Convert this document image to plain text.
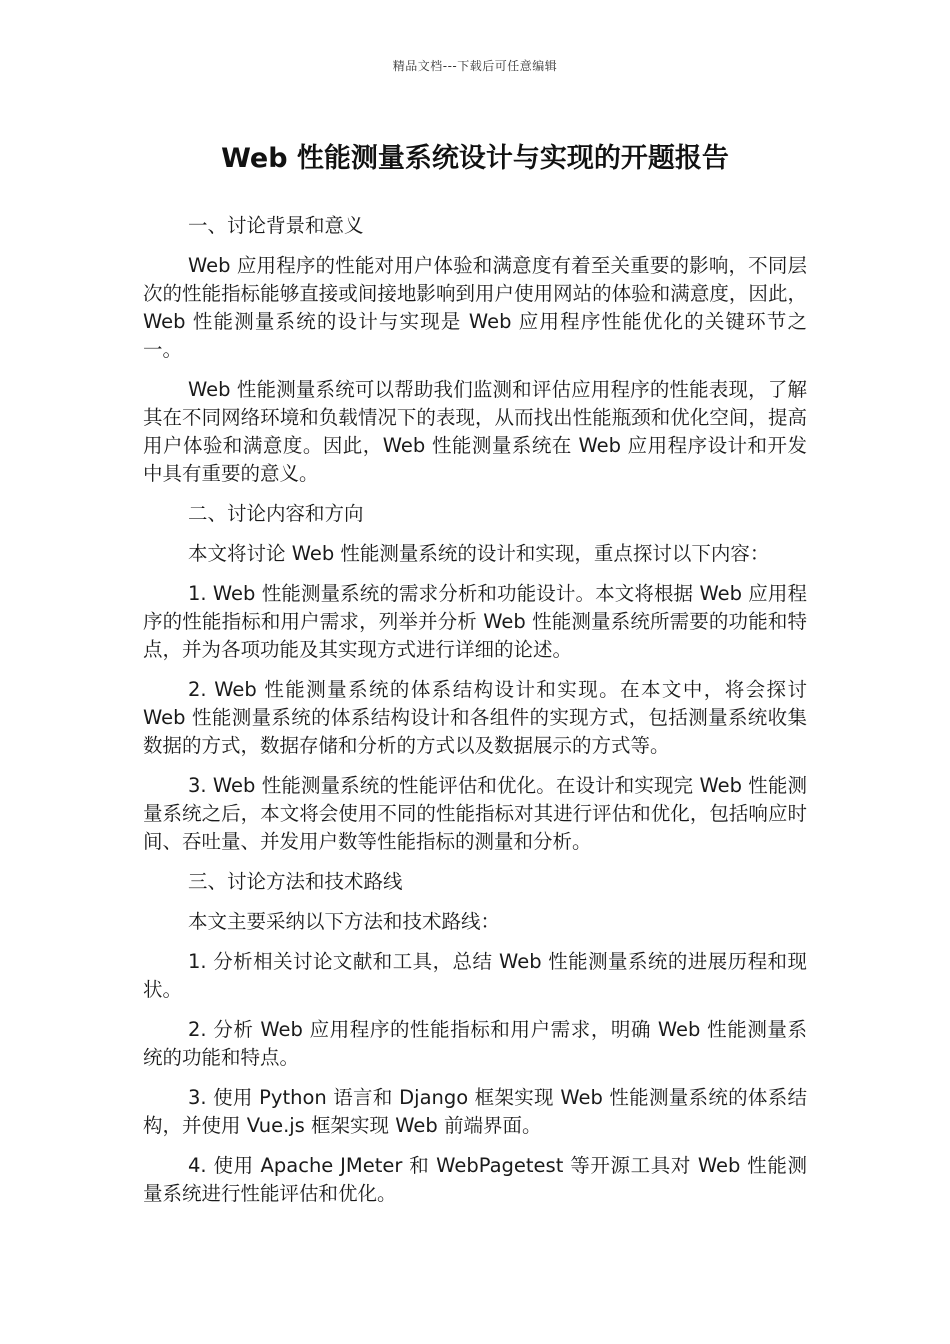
精品文档---下载后可任意编辑
Web 性能测量系统设计与实现的开题报告

一、讨论背景和意义

Web 应用程序的性能对用户体验和满意度有着至关重要的影响，不同层次的性能指标能够直接或间接地影响到用户使用网站的体验和满意度，因此，Web 性能测量系统的设计与实现是 Web 应用程序性能优化的关键环节之一。

Web 性能测量系统可以帮助我们监测和评估应用程序的性能表现，了解其在不同网络环境和负载情况下的表现，从而找出性能瓶颈和优化空间，提高用户体验和满意度。因此，Web 性能测量系统在 Web 应用程序设计和开发中具有重要的意义。

二、讨论内容和方向

本文将讨论 Web 性能测量系统的设计和实现，重点探讨以下内容：

1. Web 性能测量系统的需求分析和功能设计。本文将根据 Web 应用程序的性能指标和用户需求，列举并分析 Web 性能测量系统所需要的功能和特点，并为各项功能及其实现方式进行详细的论述。

2. Web 性能测量系统的体系结构设计和实现。在本文中，将会探讨 Web 性能测量系统的体系结构设计和各组件的实现方式，包括测量系统收集数据的方式，数据存储和分析的方式以及数据展示的方式等。

3. Web 性能测量系统的性能评估和优化。在设计和实现完 Web 性能测量系统之后，本文将会使用不同的性能指标对其进行评估和优化，包括响应时间、吞吐量、并发用户数等性能指标的测量和分析。

三、讨论方法和技术路线

本文主要采纳以下方法和技术路线：

1. 分析相关讨论文献和工具，总结 Web 性能测量系统的进展历程和现状。

2. 分析 Web 应用程序的性能指标和用户需求，明确 Web 性能测量系统的功能和特点。

3. 使用 Python 语言和 Django 框架实现 Web 性能测量系统的体系结构，并使用 Vue.js 框架实现 Web 前端界面。

4. 使用 Apache JMeter 和 WebPagetest 等开源工具对 Web 性能测量系统进行性能评估和优化。
